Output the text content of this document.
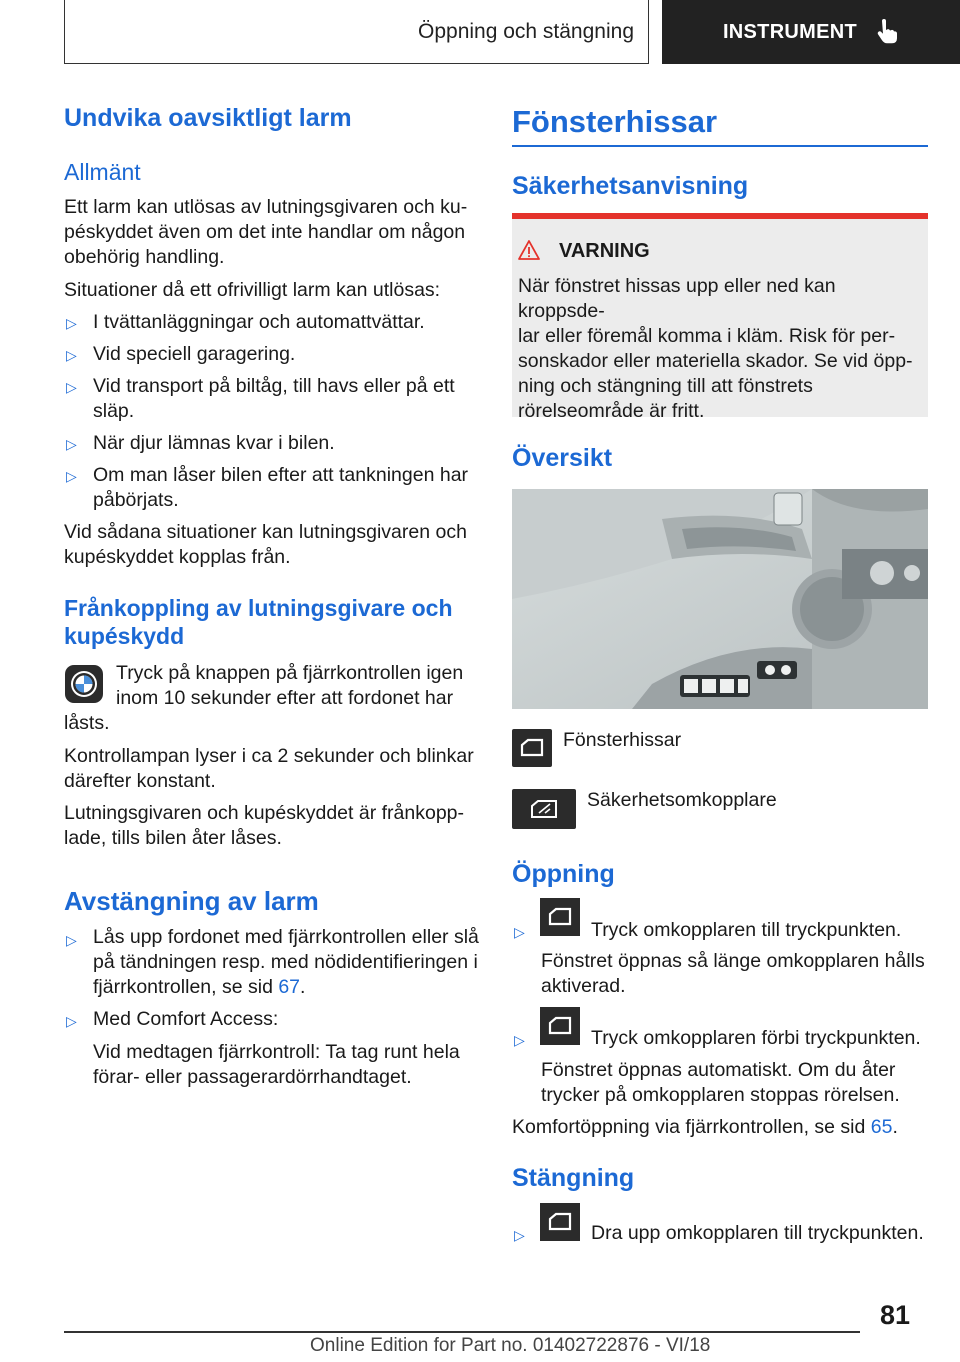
Öppning och stängning	INSTRUMENT
Undvika oavsiktligt larm
Allmänt
Ett larm kan utlösas av lutningsgivaren och ku-
péskyddet även om det inte handlar om någon
obehörig handling.
Situationer då ett ofrivilligt larm kan utlösas:
▷ I tvättanläggningar och automattvättar.
▷ Vid speciell garagering.
▷ Vid transport på biltåg, till havs eller på ett
släp.
▷ När djur lämnas kvar i bilen.
▷ Om man låser bilen efter att tankningen har
påbörjats.
Vid sådana situationer kan lutningsgivaren och
kupéskyddet kopplas från.
Frånkoppling av lutningsgivare och
kupéskydd
Tryck på knappen på fjärrkontrollen igen
inom 10 sekunder efter att fordonet har
låsts.
Kontrollampan lyser i ca 2 sekunder och blinkar
därefter konstant.
Lutningsgivaren och kupéskyddet är frånkopp-
lade, tills bilen åter låses.
Avstängning av larm
▷ Lås upp fordonet med fjärrkontrollen eller slå
på tändningen resp. med nödidentifieringen i
fjärrkontrollen, se sid 67.
▷ Med Comfort Access:
Vid medtagen fjärrkontroll: Ta tag runt hela
förar- eller passagerardörrhandtaget.
Fönsterhissar
Säkerhetsanvisning
VARNING
När fönstret hissas upp eller ned kan kroppsde-
lar eller föremål komma i kläm. Risk för per-
sonskador eller materiella skador. Se vid öpp-
ning och stängning till att fönstrets
rörelseområde är fritt.
Översikt
Fönsterhissar
Säkerhetsomkopplare
Öppning
▷	Tryck omkopplaren till tryckpunkten.
Fönstret öppnas så länge omkopplaren hålls
aktiverad.
▷	Tryck omkopplaren förbi tryckpunkten.
Fönstret öppnas automatiskt. Om du åter
trycker på omkopplaren stoppas rörelsen.
Komfortöppning via fjärrkontrollen, se sid 65.
Stängning
▷	Dra upp omkopplaren till tryckpunkten.
81
Online Edition for Part no. 01402722876 - VI/18
